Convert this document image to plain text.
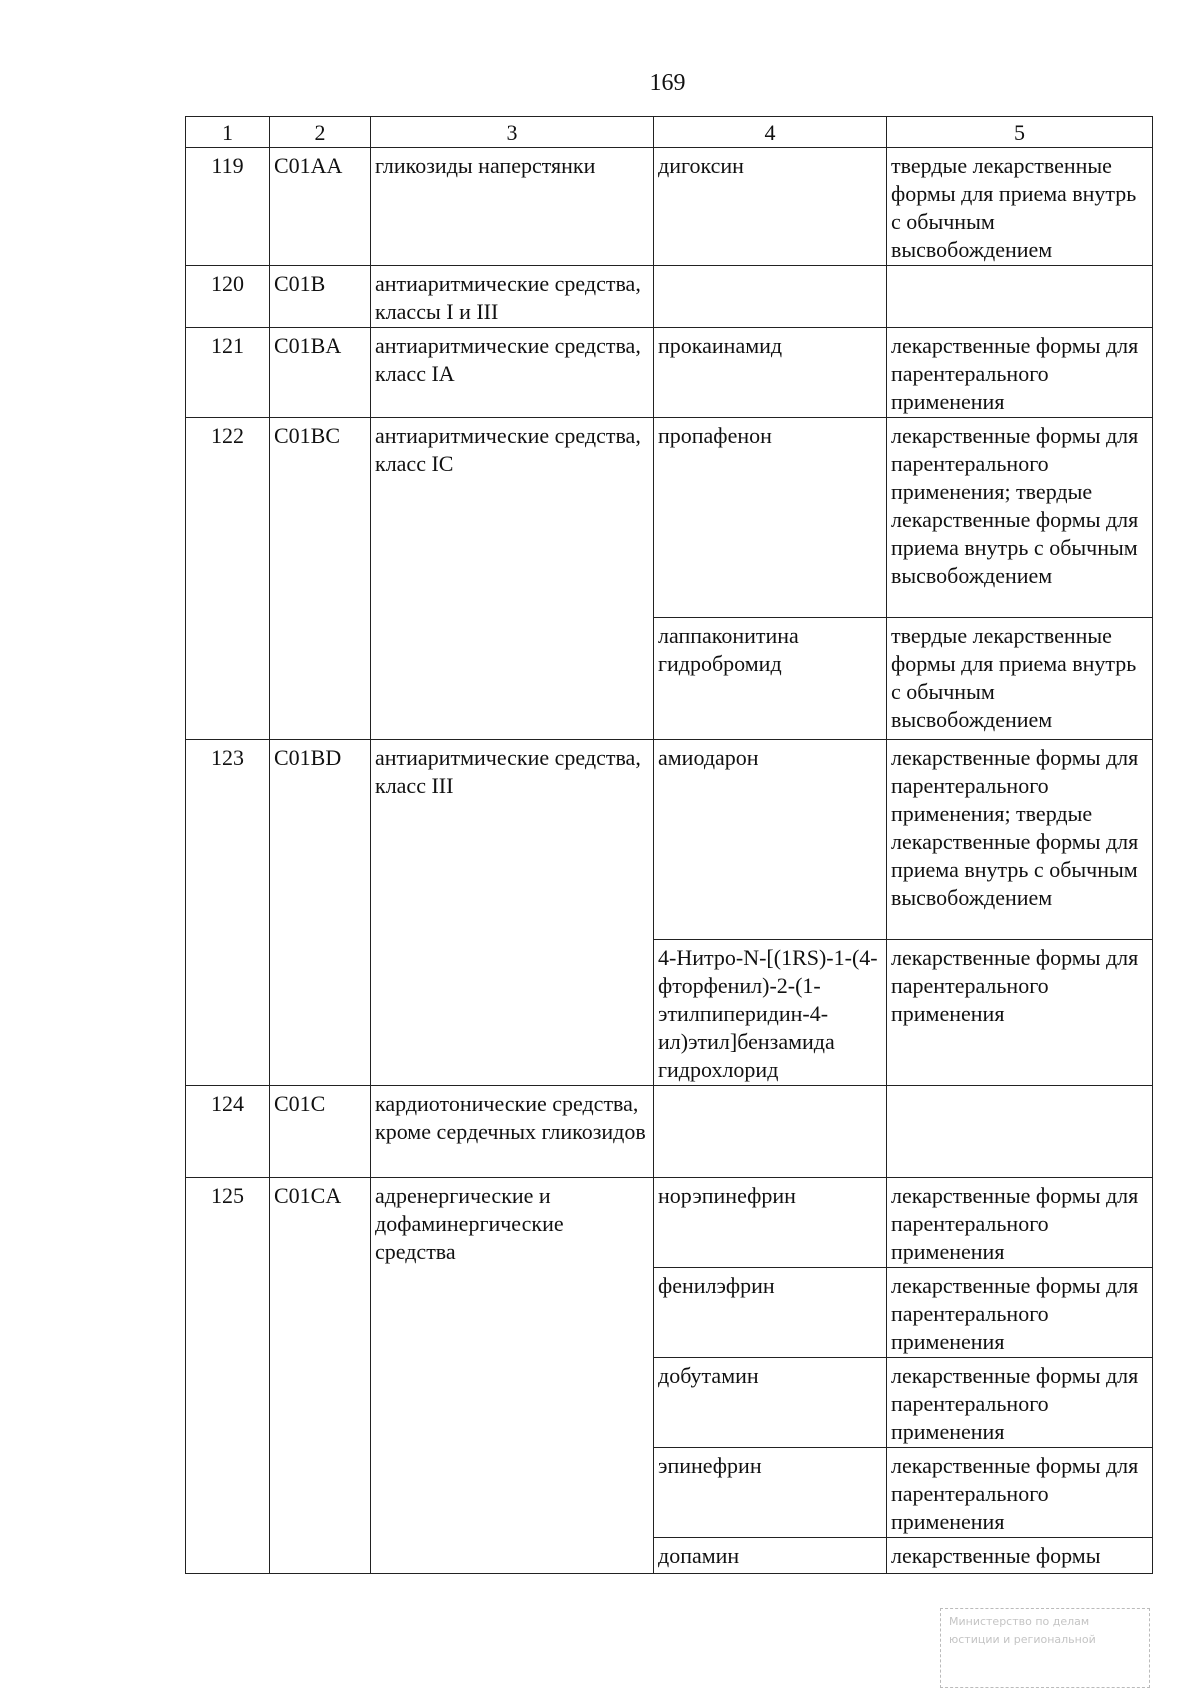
169
1	2	3	4	5
119	C01AA	гликозиды наперстянки	дигоксин	твердые лекарственные формы для приема внутрь с обычным высвобождением
120	C01B	антиаритмические средства, классы I и III		
121	C01BA	антиаритмические средства, класс IA	прокаинамид	лекарственные формы для парентерального применения
122	C01BC	антиаритмические средства, класс IC	пропафенон	лекарственные формы для парентерального применения; твердые лекарственные формы для приема внутрь с обычным высвобождением
			лаппаконитина гидробромид	твердые лекарственные формы для приема внутрь с обычным высвобождением
123	C01BD	антиаритмические средства, класс III	амиодарон	лекарственные формы для парентерального применения; твердые лекарственные формы для приема внутрь с обычным высвобождением
			4-Нитро-N-[(1RS)-1-(4-фторфенил)-2-(1-этилпиперидин-4-ил)этил]бензамида гидрохлорид	лекарственные формы для парентерального применения
124	C01C	кардиотонические средства, кроме сердечных гликозидов		
125	C01CA	адренергические и дофаминергические средства	норэпинефрин	лекарственные формы для парентерального применения
			фенилэфрин	лекарственные формы для парентерального применения
			добутамин	лекарственные формы для парентерального применения
			эпинефрин	лекарственные формы для парентерального применения
			допамин	лекарственные формы
Министерство по делам
юстиции и региональной
